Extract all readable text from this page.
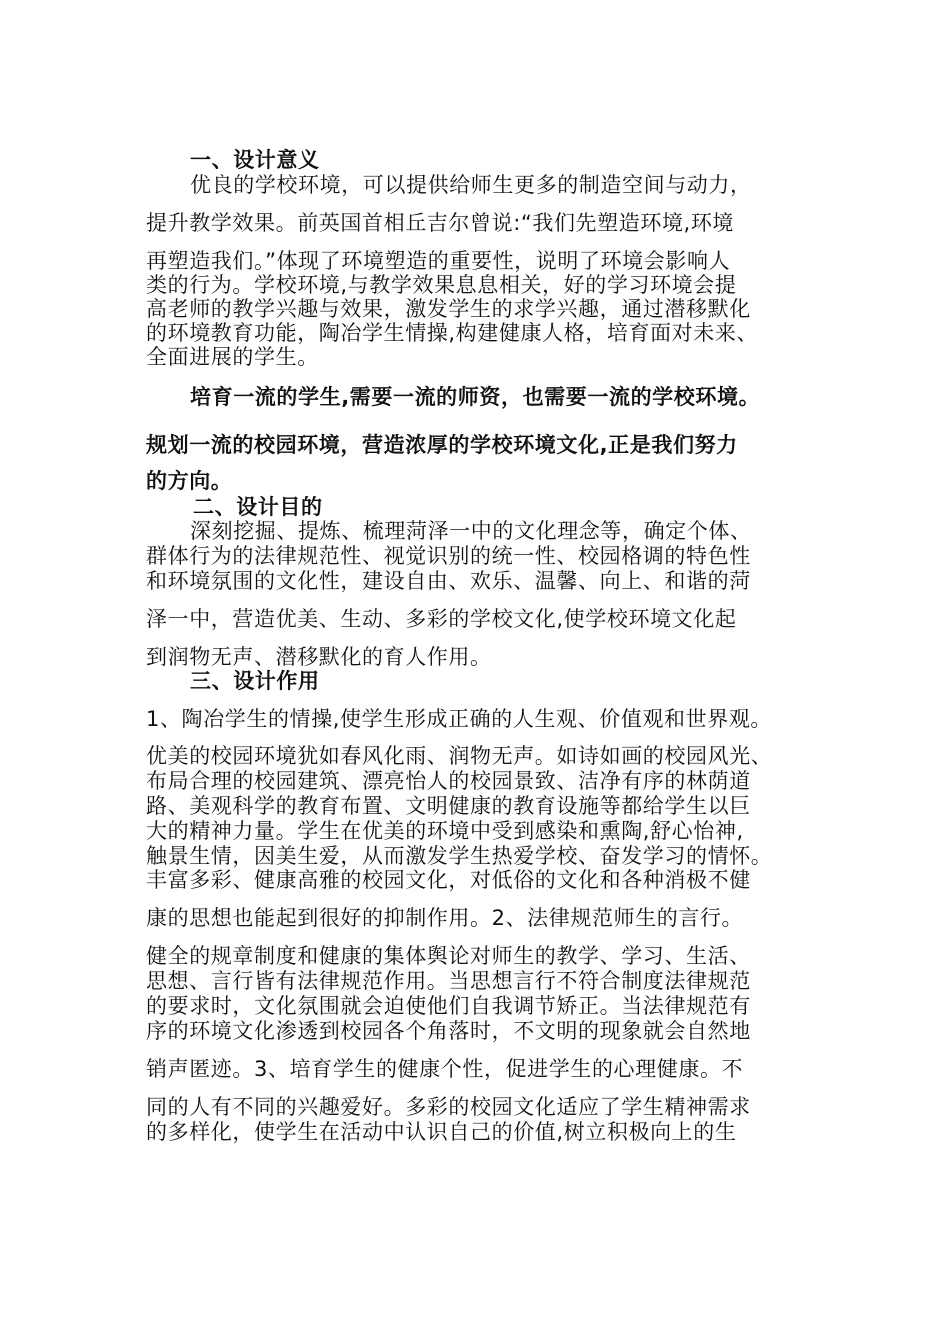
一、设计意义
优良的学校环境，可以提供给师生更多的制造空间与动力，
提升教学效果。前英国首相丘吉尔曾说:“我们先塑造环境,环境
再塑造我们。”体现了环境塑造的重要性，说明了环境会影响人
类的行为。学校环境,与教学效果息息相关，好的学习环境会提
高老师的教学兴趣与效果，激发学生的求学兴趣，通过潜移默化
的环境教育功能，陶冶学生情操,构建健康人格，培育面对未来、
全面进展的学生。
培育一流的学生,需要一流的师资，也需要一流的学校环境。
规划一流的校园环境，营造浓厚的学校环境文化,正是我们努力
的方向。
二、设计目的
深刻挖掘、提炼、梳理菏泽一中的文化理念等，确定个体、
群体行为的法律规范性、视觉识别的统一性、校园格调的特色性
和环境氛围的文化性，建设自由、欢乐、温馨、向上、和谐的菏
泽一中，营造优美、生动、多彩的学校文化,使学校环境文化起
到润物无声、潜移默化的育人作用。
三、设计作用
1、陶冶学生的情操,使学生形成正确的人生观、价值观和世界观。
优美的校园环境犹如春风化雨、润物无声。如诗如画的校园风光、
布局合理的校园建筑、漂亮怡人的校园景致、洁净有序的林荫道
路、美观科学的教育布置、文明健康的教育设施等都给学生以巨
大的精神力量。学生在优美的环境中受到感染和熏陶,舒心怡神,
触景生情，因美生爱，从而激发学生热爱学校、奋发学习的情怀。
丰富多彩、健康高雅的校园文化，对低俗的文化和各种消极不健
康的思想也能起到很好的抑制作用。2、法律规范师生的言行。
健全的规章制度和健康的集体舆论对师生的教学、学习、生活、
思想、言行皆有法律规范作用。当思想言行不符合制度法律规范
的要求时，文化氛围就会迫使他们自我调节矫正。当法律规范有
序的环境文化渗透到校园各个角落时，不文明的现象就会自然地
销声匿迹。3、培育学生的健康个性，促进学生的心理健康。不
同的人有不同的兴趣爱好。多彩的校园文化适应了学生精神需求
的多样化，使学生在活动中认识自己的价值,树立积极向上的生
